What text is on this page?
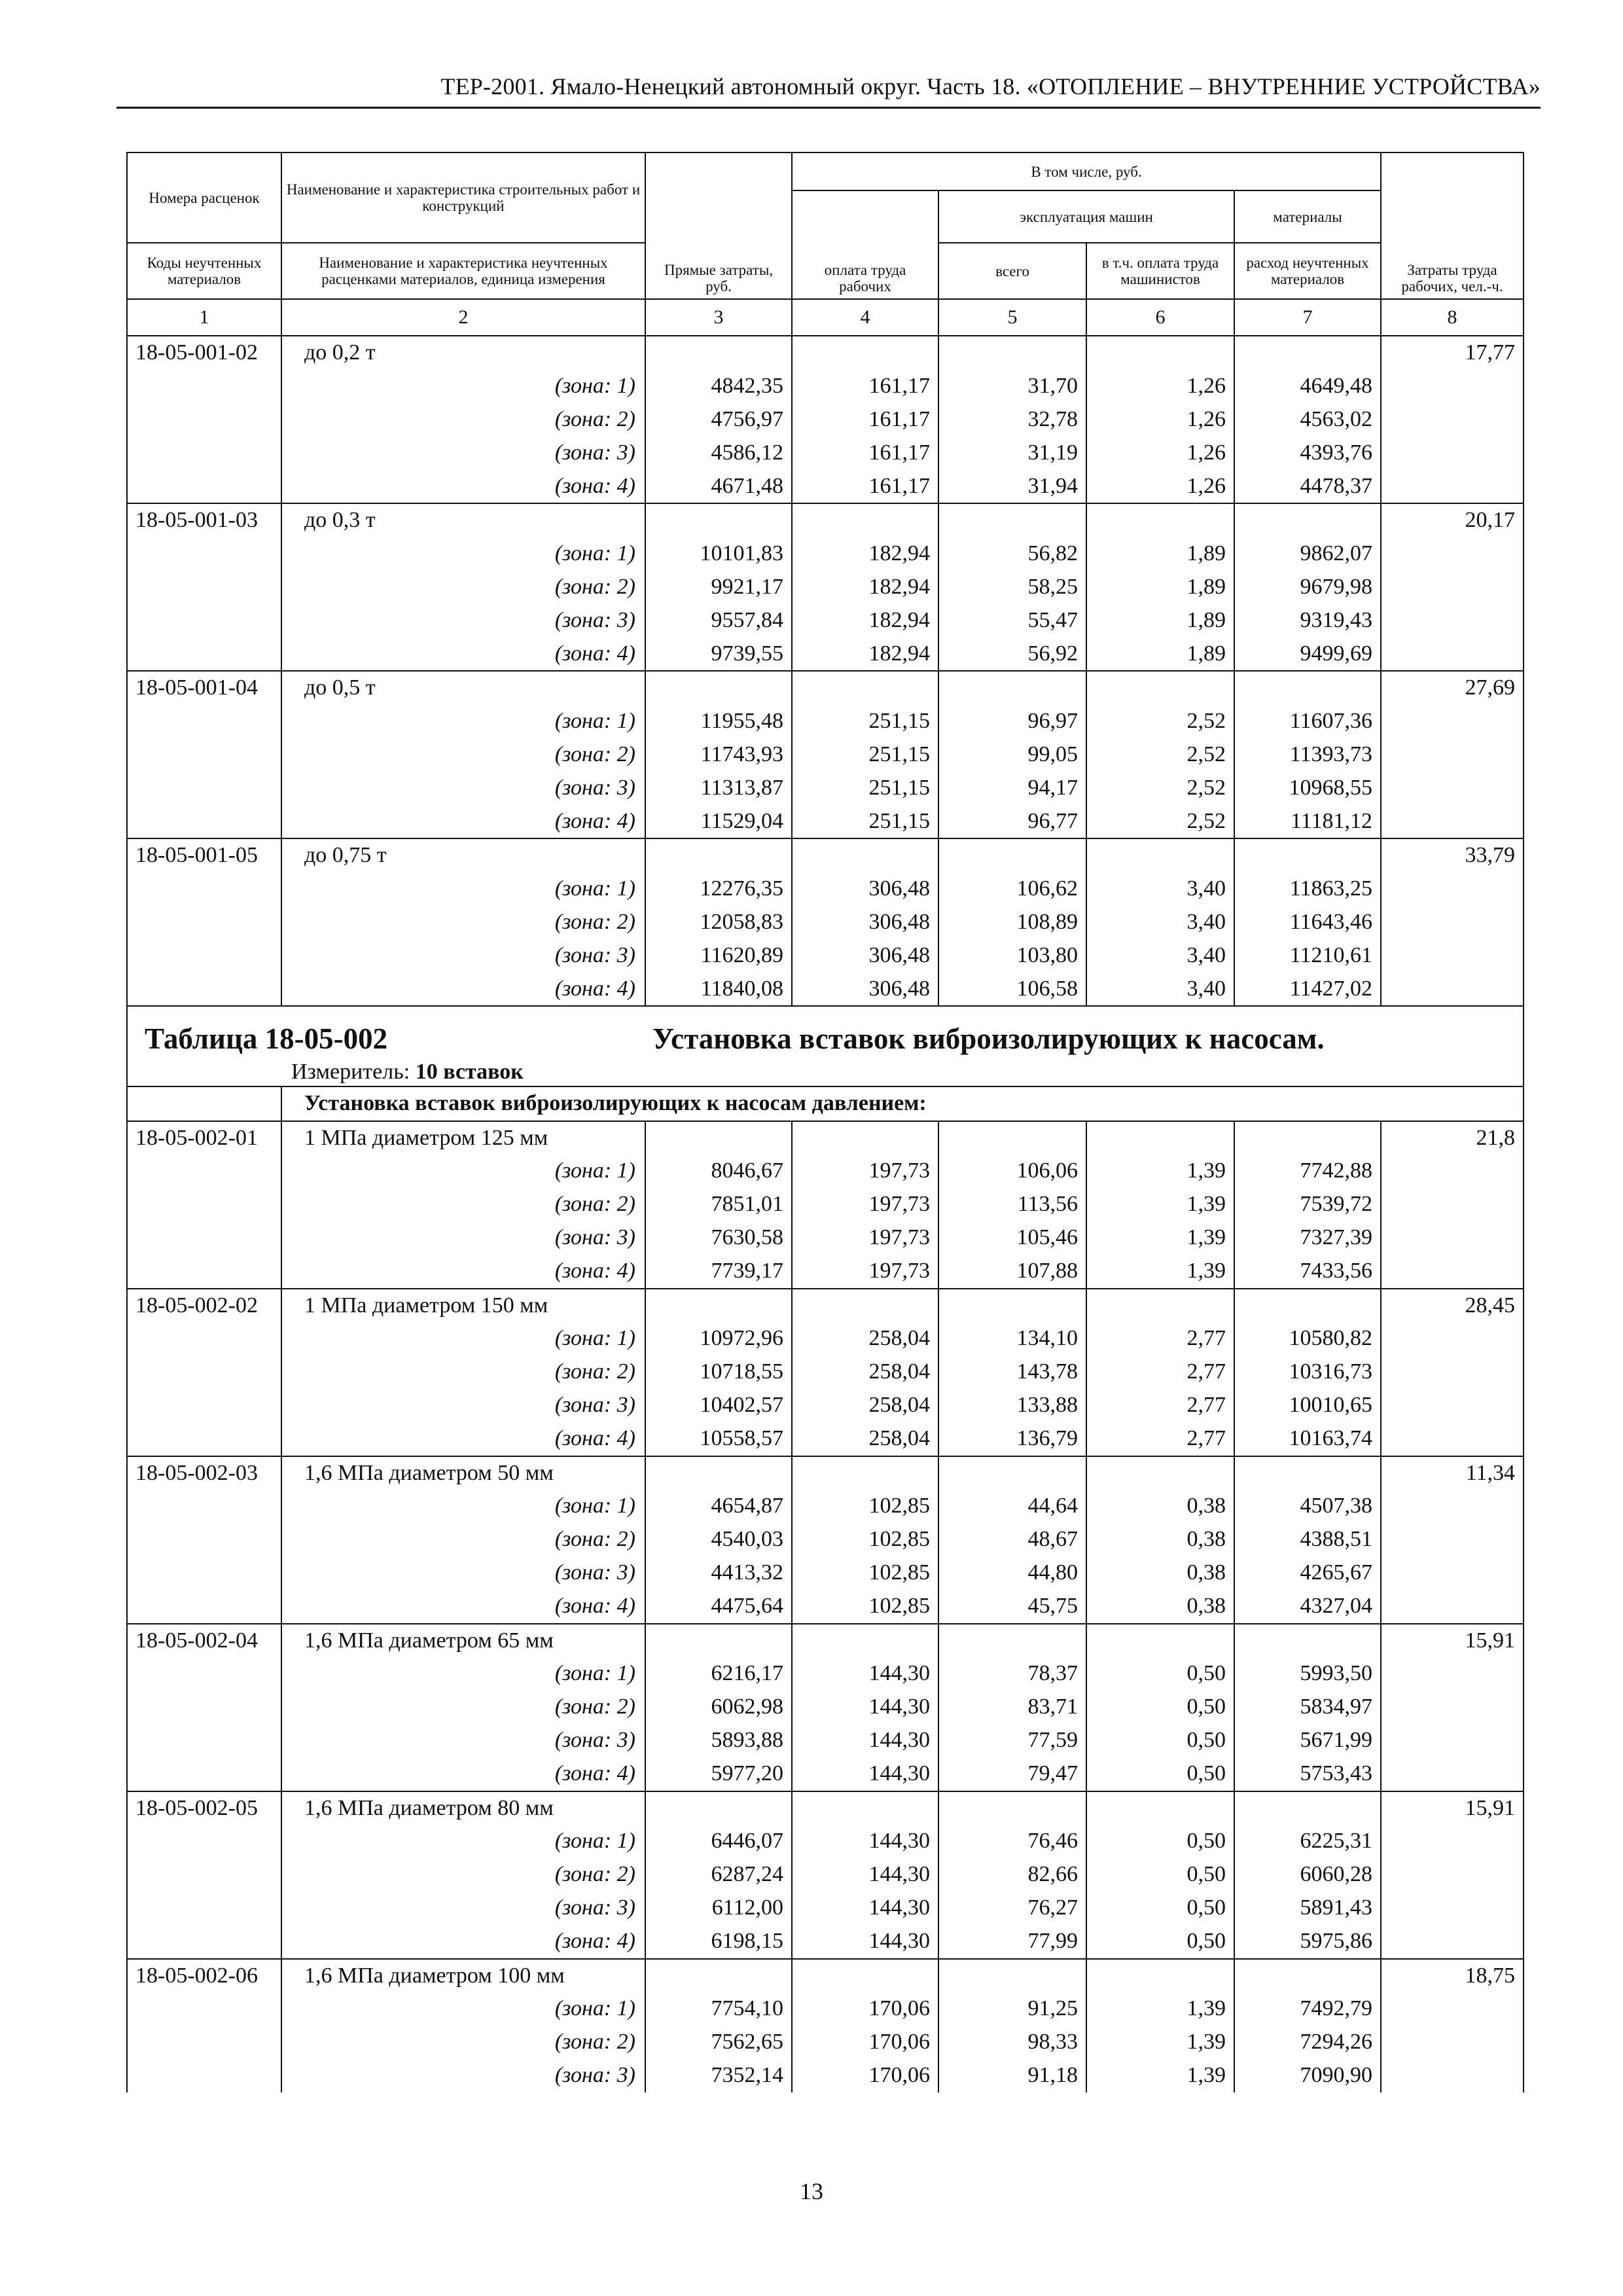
ТЕР-2001. Ямало-Ненецкий автономный округ. Часть 18. «ОТОПЛЕНИЕ – ВНУТРЕННИЕ УСТРОЙСТВА»
Номера расценок	Наименование и характеристика строительных работ и конструкций	Прямые затраты, руб.	В том числе, руб.				Затраты труда рабочих, чел.-ч.
			оплата труда рабочих	эксплуатация машин		материалы	
Коды неучтенных материалов	Наименование и характеристика неучтенных расценками материалов, единица измерения			всего	в т.ч. оплата труда машинистов	расход неучтенных материалов	
1	2	3	4	5	6	7	8
18-05-001-02	до 0,2 т						17,77
	(зона: 1)	4842,35	161,17	31,70	1,26	4649,48	
	(зона: 2)	4756,97	161,17	32,78	1,26	4563,02	
	(зона: 3)	4586,12	161,17	31,19	1,26	4393,76	
	(зона: 4)	4671,48	161,17	31,94	1,26	4478,37	
18-05-001-03	до 0,3 т						20,17
	(зона: 1)	10101,83	182,94	56,82	1,89	9862,07	
	(зона: 2)	9921,17	182,94	58,25	1,89	9679,98	
	(зона: 3)	9557,84	182,94	55,47	1,89	9319,43	
	(зона: 4)	9739,55	182,94	56,92	1,89	9499,69	
18-05-001-04	до 0,5 т						27,69
	(зона: 1)	11955,48	251,15	96,97	2,52	11607,36	
	(зона: 2)	11743,93	251,15	99,05	2,52	11393,73	
	(зона: 3)	11313,87	251,15	94,17	2,52	10968,55	
	(зона: 4)	11529,04	251,15	96,77	2,52	11181,12	
18-05-001-05	до 0,75 т						33,79
	(зона: 1)	12276,35	306,48	106,62	3,40	11863,25	
	(зона: 2)	12058,83	306,48	108,89	3,40	11643,46	
	(зона: 3)	11620,89	306,48	103,80	3,40	11210,61	
	(зона: 4)	11840,08	306,48	106,58	3,40	11427,02	

Таблица 18-05-002 Установка вставок виброизолирующих к насосам.							

Измеритель: 10 вставок							
	Установка вставок виброизолирующих к насосам давлением:						
18-05-002-01	1 МПа диаметром 125 мм						21,8
	(зона: 1)	8046,67	197,73	106,06	1,39	7742,88	
	(зона: 2)	7851,01	197,73	113,56	1,39	7539,72	
	(зона: 3)	7630,58	197,73	105,46	1,39	7327,39	
	(зона: 4)	7739,17	197,73	107,88	1,39	7433,56	
18-05-002-02	1 МПа диаметром 150 мм						28,45
	(зона: 1)	10972,96	258,04	134,10	2,77	10580,82	
	(зона: 2)	10718,55	258,04	143,78	2,77	10316,73	
	(зона: 3)	10402,57	258,04	133,88	2,77	10010,65	
	(зона: 4)	10558,57	258,04	136,79	2,77	10163,74	
18-05-002-03	1,6 МПа диаметром 50 мм						11,34
	(зона: 1)	4654,87	102,85	44,64	0,38	4507,38	
	(зона: 2)	4540,03	102,85	48,67	0,38	4388,51	
	(зона: 3)	4413,32	102,85	44,80	0,38	4265,67	
	(зона: 4)	4475,64	102,85	45,75	0,38	4327,04	
18-05-002-04	1,6 МПа диаметром 65 мм						15,91
	(зона: 1)	6216,17	144,30	78,37	0,50	5993,50	
	(зона: 2)	6062,98	144,30	83,71	0,50	5834,97	
	(зона: 3)	5893,88	144,30	77,59	0,50	5671,99	
	(зона: 4)	5977,20	144,30	79,47	0,50	5753,43	
18-05-002-05	1,6 МПа диаметром 80 мм						15,91
	(зона: 1)	6446,07	144,30	76,46	0,50	6225,31	
	(зона: 2)	6287,24	144,30	82,66	0,50	6060,28	
	(зона: 3)	6112,00	144,30	76,27	0,50	5891,43	
	(зона: 4)	6198,15	144,30	77,99	0,50	5975,86	
18-05-002-06	1,6 МПа диаметром 100 мм						18,75
	(зона: 1)	7754,10	170,06	91,25	1,39	7492,79	
	(зона: 2)	7562,65	170,06	98,33	1,39	7294,26	
	(зона: 3)	7352,14	170,06	91,18	1,39	7090,90	
13
